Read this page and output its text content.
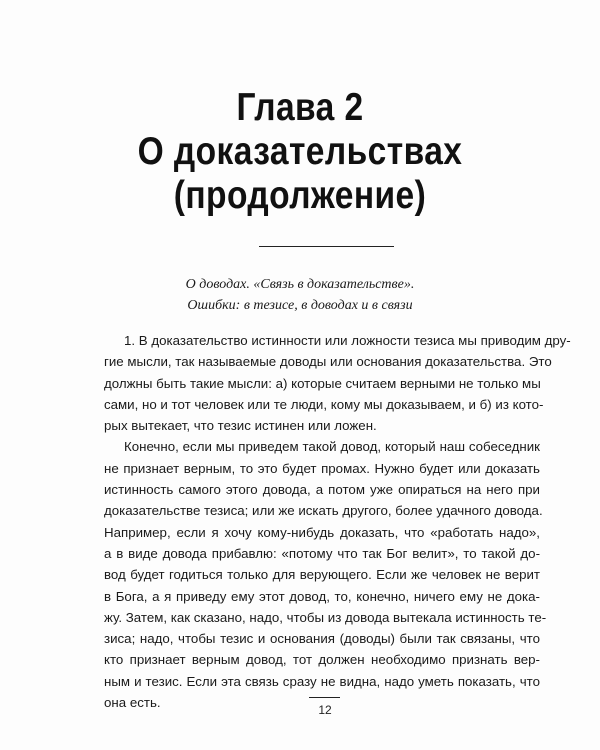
Глава 2
О доказательствах
(продолжение)
О доводах. «Связь в доказательстве».
Ошибки: в тезисе, в доводах и в связи
1. В доказательство истинности или ложности тезиса мы приводим дру-
гие мысли, так называемые доводы или основания доказательства. Это
должны быть такие мысли: а) которые считаем верными не только мы
сами, но и тот человек или те люди, кому мы доказываем, и б) из кото-
рых вытекает, что тезис истинен или ложен.
Конечно, если мы приведем такой довод, который наш собеседник
не признает верным, то это будет промах. Нужно будет или доказать
истинность самого этого довода, а потом уже опираться на него при
доказательстве тезиса; или же искать другого, более удачного довода.
Например, если я хочу кому-нибудь доказать, что «работать надо»,
а в виде довода прибавлю: «потому что так Бог велит», то такой до-
вод будет годиться только для верующего. Если же человек не верит
в Бога, а я приведу ему этот довод, то, конечно, ничего ему не дока-
жу. Затем, как сказано, надо, чтобы из довода вытекала истинность те-
зиса; надо, чтобы тезис и основания (доводы) были так связаны, что
кто признает верным довод, тот должен необходимо признать вер-
ным и тезис. Если эта связь сразу не видна, надо уметь показать, что
она есть.	12
